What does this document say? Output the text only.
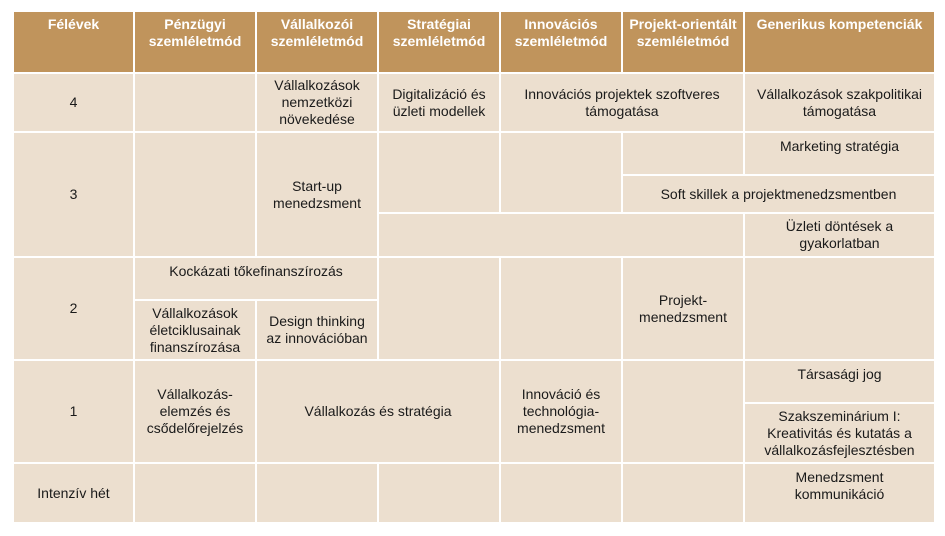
Félévek	Pénzügyi szemléletmód	Vállalkozói szemléletmód	Stratégiai szemléletmód	Innovációs szemléletmód	Projekt-orientált szemléletmód	Generikus kompetenciák
4		Vállalkozások nemzetközi növekedése	Digitalizáció és üzleti modellek	Innovációs projektek szoftveres támogatása		Vállalkozások szakpolitikai támogatása
3		Start-up menedzsment				Marketing stratégia
					Soft skillek a projektmenedzsmentben	
						Üzleti döntések a gyakorlatban
2	Kockázati tőkefinanszírozás				Projekt-menedzsment	
	Vállalkozások életciklusainak finanszírozása	Design thinking az innovációban				
1	Vállalkozás-elemzés és csődelőrejelzés	Vállalkozás és stratégia		Innováció és technológia-menedzsment		Társasági jog
						Szakszeminárium I: Kreativitás és kutatás a vállalkozásfejlesztésben
Intenzív hét						Menedzsment kommunikáció
